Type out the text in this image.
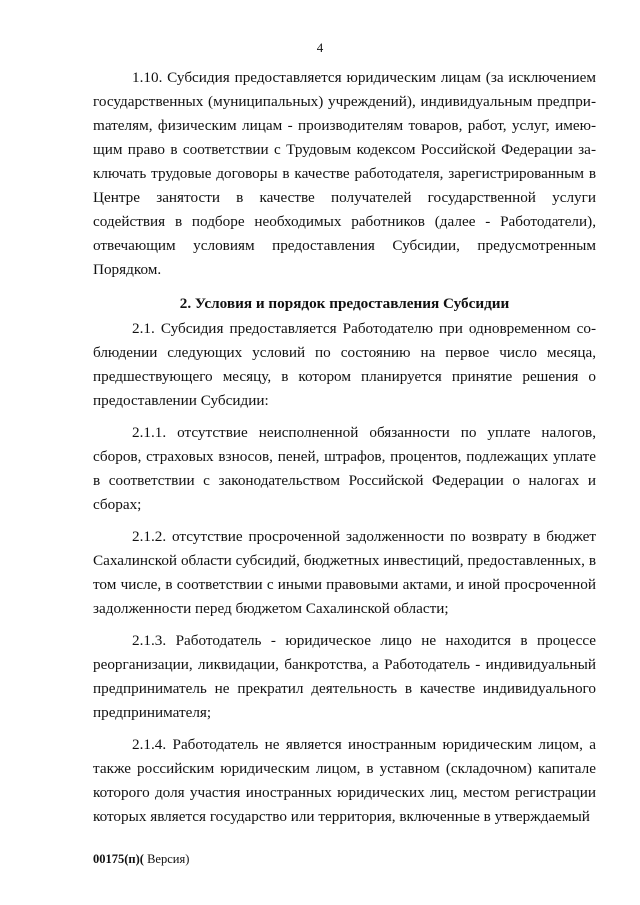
4

1.10. Субсидия предоставляется юридическим лицам (за исключением государственных (муниципальных) учреждений), индивидуальным предприmателям, физическим лицам - производителям товаров, работ, услуг, имеющим право в соответствии с Трудовым кодексом Российской Федерации заключать трудовые договоры в качестве работодателя, зарегистрированным в Центре занятости в качестве получателей государственной услуги содействия в подборе необходимых работников (далее - Работодатели), отвечающим условиям предоставления Субсидии, предусмотренным Порядком.

2. Условия и порядок предоставления Субсидии

2.1. Субсидия предоставляется Работодателю при одновременном соблюдении следующих условий по состоянию на первое число месяца, предшествующего месяцу, в котором планируется принятие решения о предоставлении Субсидии:

2.1.1. отсутствие неисполненной обязанности по уплате налогов, сборов, страховых взносов, пеней, штрафов, процентов, подлежащих уплате в соответствии с законодательством Российской Федерации о налогах и сборах;

2.1.2. отсутствие просроченной задолженности по возврату в бюджет Сахалинской области субсидий, бюджетных инвестиций, предоставленных, в том числе, в соответствии с иными правовыми актами, и иной просроченной задолженности перед бюджетом Сахалинской области;

2.1.3. Работодатель - юридическое лицо не находится в процессе реорганизации, ликвидации, банкротства, а Работодатель - индивидуальный предприниматель не прекратил деятельность в качестве индивидуального предпринимателя;

2.1.4. Работодатель не является иностранным юридическим лицом, а также российским юридическим лицом, в уставном (складочном) капитале которого доля участия иностранных юридических лиц, местом регистрации которых является государство или территория, включенные в утверждаемый

00175(п)( Версия)
